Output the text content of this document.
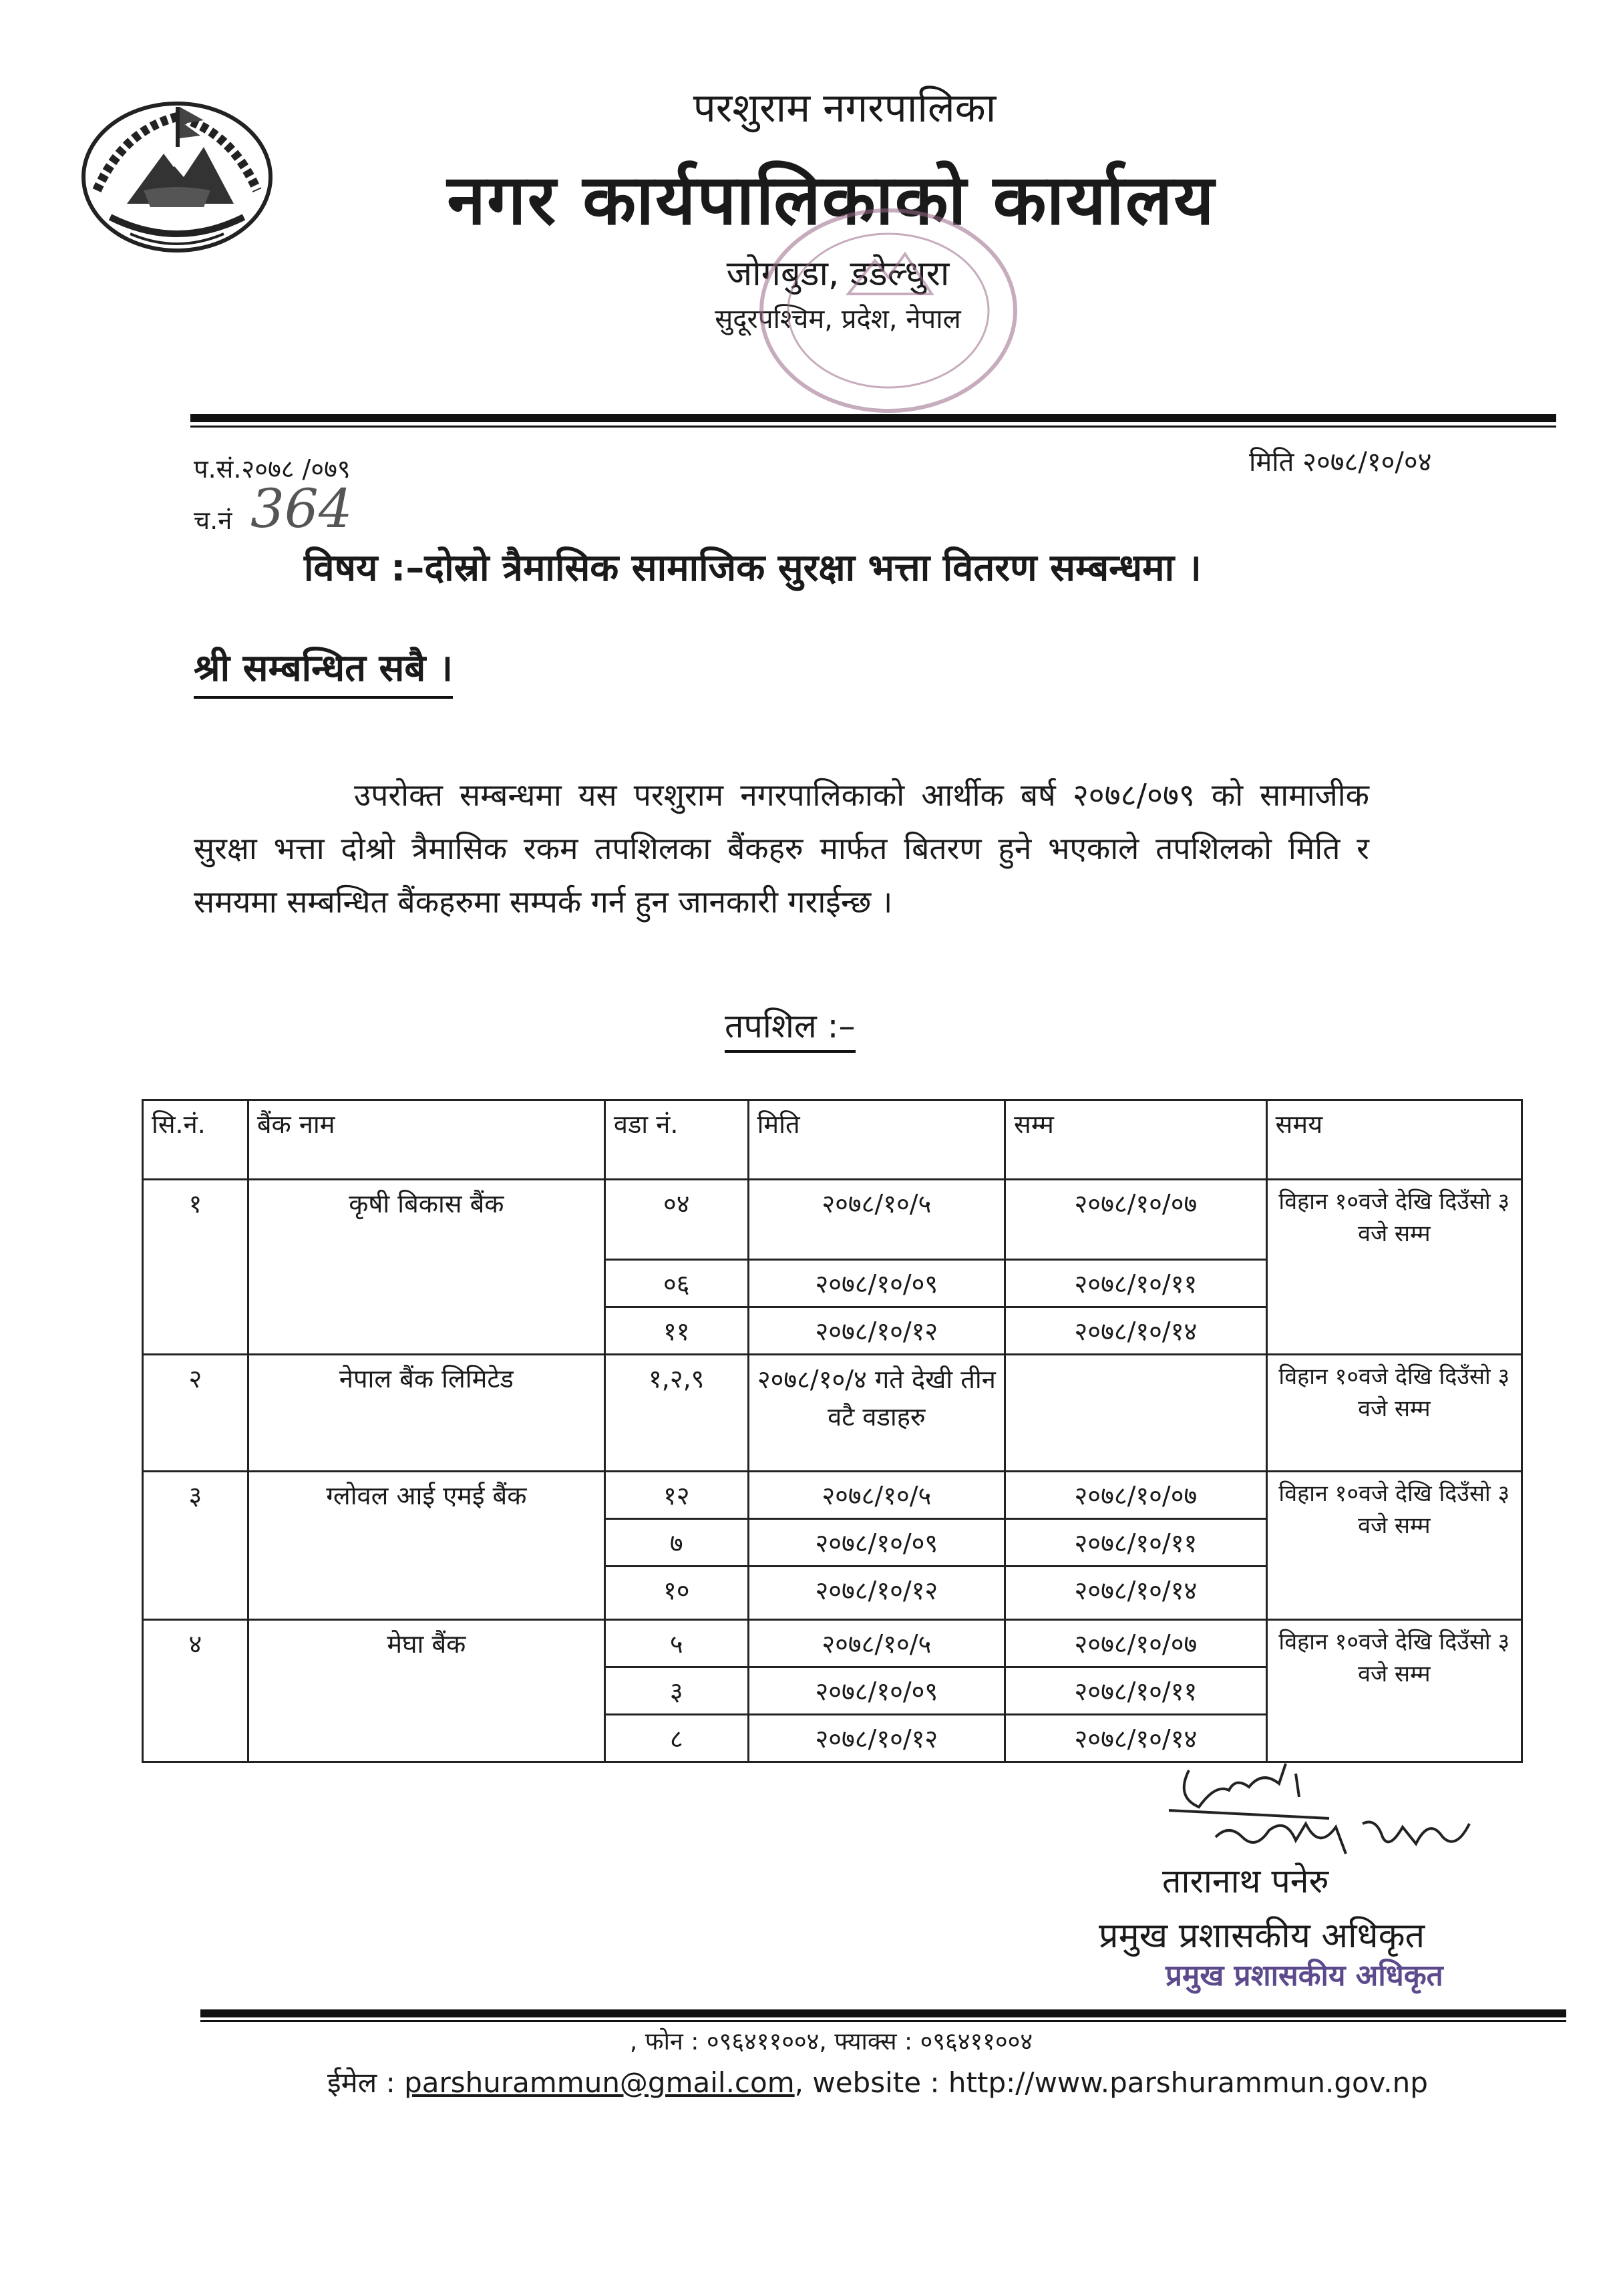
परशुराम नगरपालिका
नगर कार्यपालिकाको कार्यालय
जोगबुडा, डडेल्धुरा
सुदूरपश्चिम, प्रदेश, नेपाल
प.सं.२०७८ /०७९
च.नं 364
मिति २०७८/१०/०४
विषय :–दोस्रो त्रैमासिक सामाजिक सुरक्षा भत्ता वितरण सम्बन्धमा ।
श्री सम्बन्धित सबै ।

उपरोक्त सम्बन्धमा यस परशुराम नगरपालिकाको आर्थीक बर्ष २०७८/०७९ को सामाजीक सुरक्षा भत्ता दोश्रो त्रैमासिक रकम तपशिलका बैंकहरु मार्फत बितरण हुने भएकाले तपशिलको मिति र समयमा सम्बन्धित बैंकहरुमा सम्पर्क गर्न हुन जानकारी गराईन्छ ।

तपशिल :–
सि.नं.	बैंक नाम	वडा नं.	मिति	सम्म	समय
१	कृषी बिकास बैंक	०४	२०७८/१०/५	२०७८/१०/०७	विहान १०वजे देखि दिउँसो ३ वजे सम्म
		०६	२०७८/१०/०९	२०७८/१०/११	
		११	२०७८/१०/१२	२०७८/१०/१४	
२	नेपाल बैंक लिमिटेड	१,२,९	२०७८/१०/४ गते देखी तीन वटै वडाहरु		विहान १०वजे देखि दिउँसो ३ वजे सम्म
३	ग्लोवल आई एमई बैंक	१२	२०७८/१०/५	२०७८/१०/०७	विहान १०वजे देखि दिउँसो ३ वजे सम्म
		७	२०७८/१०/०९	२०७८/१०/११	
		१०	२०७८/१०/१२	२०७८/१०/१४	
४	मेघा बैंक	५	२०७८/१०/५	२०७८/१०/०७	विहान १०वजे देखि दिउँसो ३ वजे सम्म
		३	२०७८/१०/०९	२०७८/१०/११	
		८	२०७८/१०/१२	२०७८/१०/१४	
तारानाथ पनेरु
प्रमुख प्रशासकीय अधिकृत
प्रमुख प्रशासकीय अधिकृत
, फोन : ०९६४११००४, फ्याक्स : ०९६४११००४
ईमेल : parshurammun@gmail.com, website : http://www.parshurammun.gov.np
